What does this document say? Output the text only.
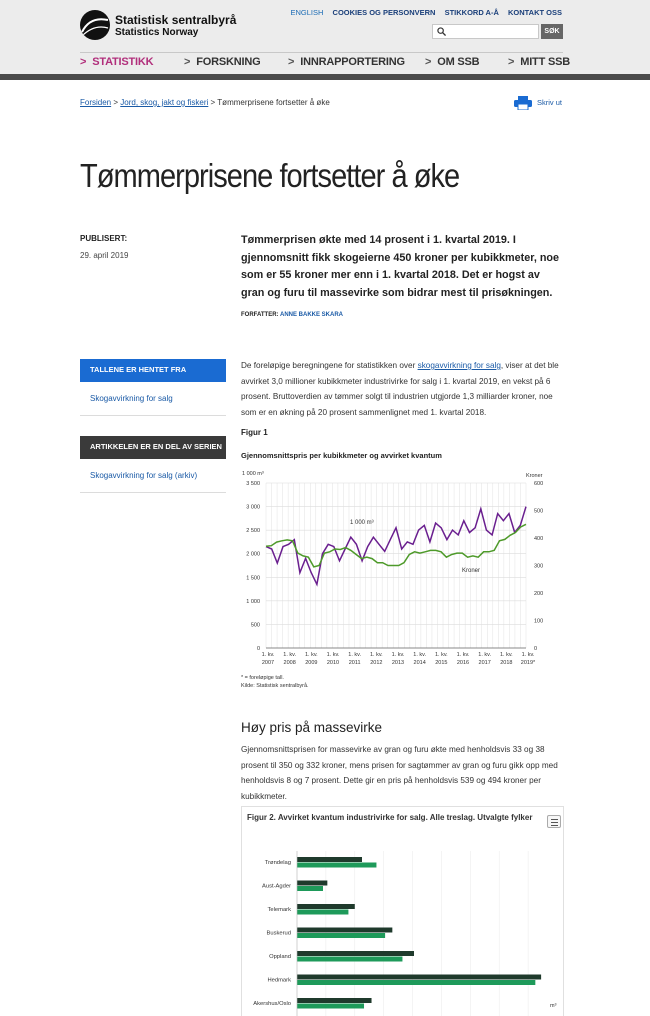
Statistisk sentralbyrå
Statistics Norway
ENGLISH COOKIES OG PERSONVERN STIKKORD A-Å KONTAKT OSS
SØK
> STATISTIKK	> FORSKNING	> INNRAPPORTERING > OM SSB	> MITT SSB
Forsiden > Jord, skog, jakt og fiskeri > Tømmerprisene fortsetter å øke	Skriv ut
Tømmerprisene fortsetter å øke
PUBLISERT:
29. april 2019
Tømmerprisen økte med 14 prosent i 1. kvartal 2019. I gjennomsnitt fikk skogeierne 450 kroner per kubikkmeter, noe som er 55 kroner mer enn i 1. kvartal 2018. Det er hogst av gran og furu til massevirke som bidrar mest til prisøkningen.
FORFATTER: ANNE BAKKE SKARA
TALLENE ER HENTET FRA
Skogavvirkning for salg
ARTIKKELEN ER EN DEL AV SERIEN
Skogavvirkning for salg (arkiv)
De foreløpige beregningene for statistikken over skogavvirkning for salg, viser at det ble avvirket 3,0 millioner kubikkmeter industrivirke for salg i 1. kvartal 2019, en vekst på 6 prosent. Bruttoverdien av tømmer solgt til industrien utgjorde 1,3 milliarder kroner, noe som er en økning på 20 prosent sammenlignet med 1. kvartal 2018.
Figur 1
Gjennomsnittspris per kubikkmeter og avvirket kvantum
3 500
3 000
2 500
2 000
1 500
1 000
500
0
600
500
400
300
200
100
0
1 000 m³	Kroner
1. kv.
2007
1. kv.
2008
1. kv.
2009
1. kv.
2010
1. kv.
2011
1. kv.
2012
1. kv.
2013
1. kv.
2014
1. kv.
2015
1. kv.
2016
1. kv.
2017
1. kv.
2018
1. kv.
2019*
1 000 m³
Kroner
* = foreløpige tall.
Kilde: Statistisk sentralbyrå.
Høy pris på massevirke
Gjennomsnittsprisen for massevirke av gran og furu økte med henholdsvis 33 og 38 prosent til 350 og 332 kroner, mens prisen for sagtømmer av gran og furu gikk opp med henholdsvis 8 og 7 prosent. Dette gir en pris på henholdsvis 539 og 494 kroner per kubikkmeter.
Figur 2. Avvirket kvantum industrivirke for salg. Alle treslag. Utvalgte fylker
Trøndelag
Aust-Agder
Telemark
Buskerud
Oppland
Hedmark
Akershus/Oslo	m³
